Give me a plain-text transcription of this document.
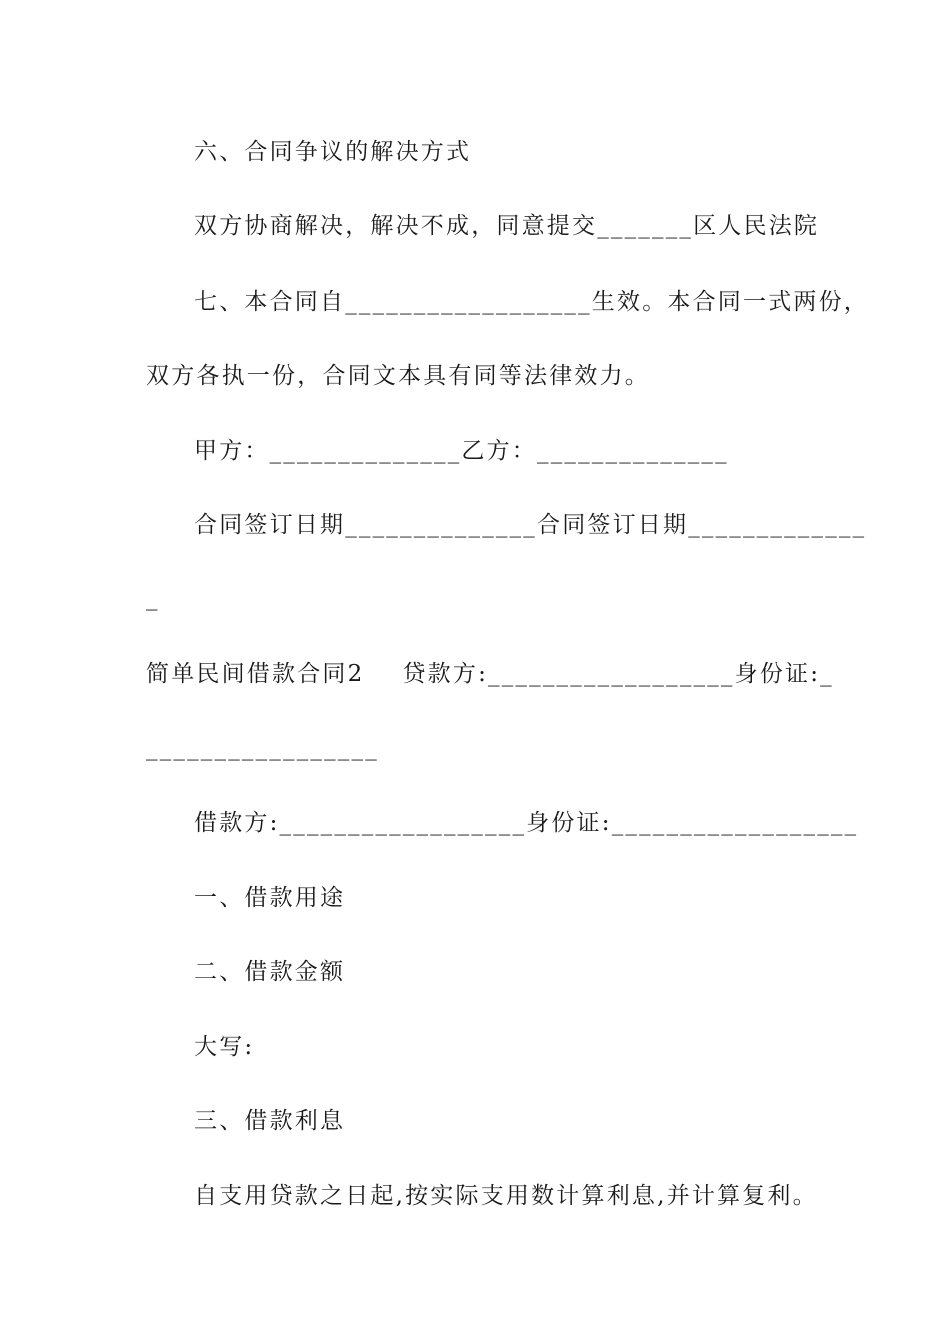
六、合同争议的解决方式
双方协商解决，解决不成，同意提交_______区人民法院
七、本合同自__________________生效。本合同一式两份，
双方各执一份，合同文本具有同等法律效力。
甲方：______________乙方：______________
合同签订日期______________合同签订日期_____________
_
简单民间借款合同2    贷款方:__________________身份证:_
_________________
借款方:__________________身份证:__________________
一、借款用途
二、借款金额
大写:
三、借款利息
自支用贷款之日起,按实际支用数计算利息,并计算复利。
